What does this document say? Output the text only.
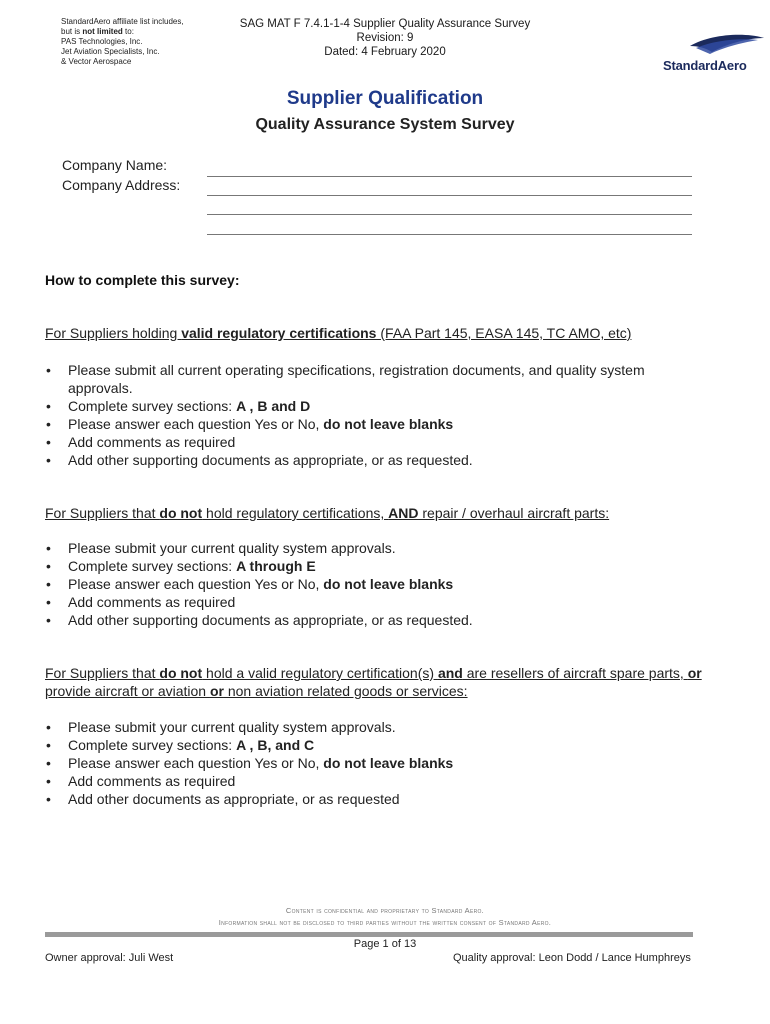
StandardAero affiliate list includes,
but is not limited to:
PAS Technologies, Inc.
Jet Aviation Specialists, Inc.
& Vector Aerospace
SAG MAT F 7.4.1-1-4 Supplier Quality Assurance Survey
Revision: 9
Dated: 4 February 2020
StandardAero
Supplier Qualification
Quality Assurance System Survey
Company Name:
Company Address:
How to complete this survey:
For Suppliers holding valid regulatory certifications (FAA Part 145, EASA 145, TC AMO, etc)
• Please submit all current operating specifications, registration documents, and quality system approvals.
• Complete survey sections: A , B and D
• Please answer each question Yes or No, do not leave blanks
• Add comments as required
• Add other supporting documents as appropriate, or as requested.
For Suppliers that do not hold regulatory certifications, AND repair / overhaul aircraft parts:
• Please submit your current quality system approvals.
• Complete survey sections: A through E
• Please answer each question Yes or No, do not leave blanks
• Add comments as required
• Add other supporting documents as appropriate, or as requested.
For Suppliers that do not hold a valid regulatory certification(s) and are resellers of aircraft spare parts, or provide aircraft or aviation or non aviation related goods or services:
• Please submit your current quality system approvals.
• Complete survey sections: A , B, and C
• Please answer each question Yes or No, do not leave blanks
• Add comments as required
• Add other documents as appropriate, or as requested
Content is confidential and proprietary to Standard Aero.
Information shall not be disclosed to third parties without the written consent of Standard Aero.
Page 1 of 13
Owner approval: Juli West	Quality approval: Leon Dodd / Lance Humphreys
